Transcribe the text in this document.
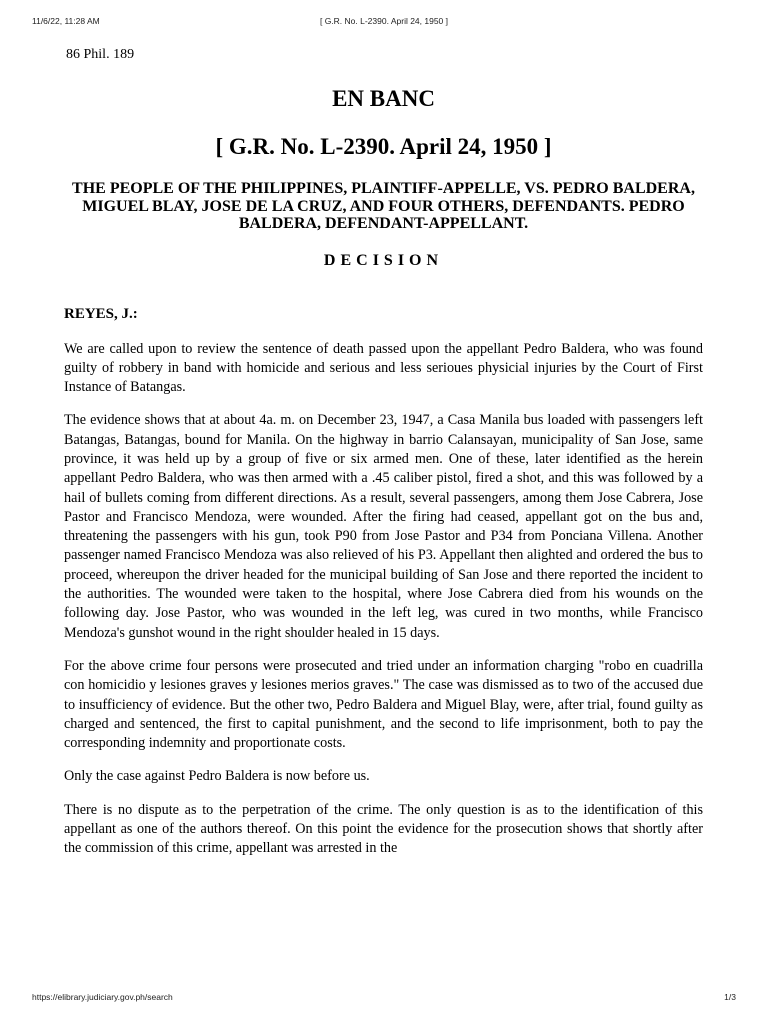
11/6/22, 11:28 AM	[ G.R. No. L-2390. April 24, 1950 ]
86 Phil. 189
EN BANC
[ G.R. No. L-2390. April 24, 1950 ]
THE PEOPLE OF THE PHILIPPINES, PLAINTIFF-APPELLE, VS. PEDRO BALDERA, MIGUEL BLAY, JOSE DE LA CRUZ, AND FOUR OTHERS, DEFENDANTS. PEDRO BALDERA, DEFENDANT-APPELLANT.
DECISION
REYES, J.:

We are called upon to review the sentence of death passed upon the appellant Pedro Baldera, who was found guilty of robbery in band with homicide and serious and less serioues physicial injuries by the Court of First Instance of Batangas.

The evidence shows that at about 4a. m. on December 23, 1947, a Casa Manila bus loaded with passengers left Batangas, Batangas, bound for Manila. On the highway in barrio Calansayan, municipality of San Jose, same province, it was held up by a group of five or six armed men. One of these, later identified as the herein appellant Pedro Baldera, who was then armed with a .45 caliber pistol, fired a shot, and this was followed by a hail of bullets coming from different directions. As a result, several passengers, among them Jose Cabrera, Jose Pastor and Francisco Mendoza, were wounded. After the firing had ceased, appellant got on the bus and, threatening the passengers with his gun, took P90 from Jose Pastor and P34 from Ponciana Villena. Another passenger named Francisco Mendoza was also relieved of his P3. Appellant then alighted and ordered the bus to proceed, whereupon the driver headed for the municipal building of San Jose and there reported the incident to the authorities. The wounded were taken to the hospital, where Jose Cabrera died from his wounds on the following day. Jose Pastor, who was wounded in the left leg, was cured in two months, while Francisco Mendoza's gunshot wound in the right shoulder healed in 15 days.

For the above crime four persons were prosecuted and tried under an information charging "robo en cuadrilla con homicidio y lesiones graves y lesiones merios graves." The case was dismissed as to two of the accused due to insufficiency of evidence. But the other two, Pedro Baldera and Miguel Blay, were, after trial, found guilty as charged and sentenced, the first to capital punishment, and the second to life imprisonment, both to pay the corresponding indemnity and proportionate costs.

Only the case against Pedro Baldera is now before us.

There is no dispute as to the perpetration of the crime. The only question is as to the identification of this appellant as one of the authors thereof. On this point the evidence for the prosecution shows that shortly after the commission of this crime, appellant was arrested in the

https://elibrary.judiciary.gov.ph/search	1/3
